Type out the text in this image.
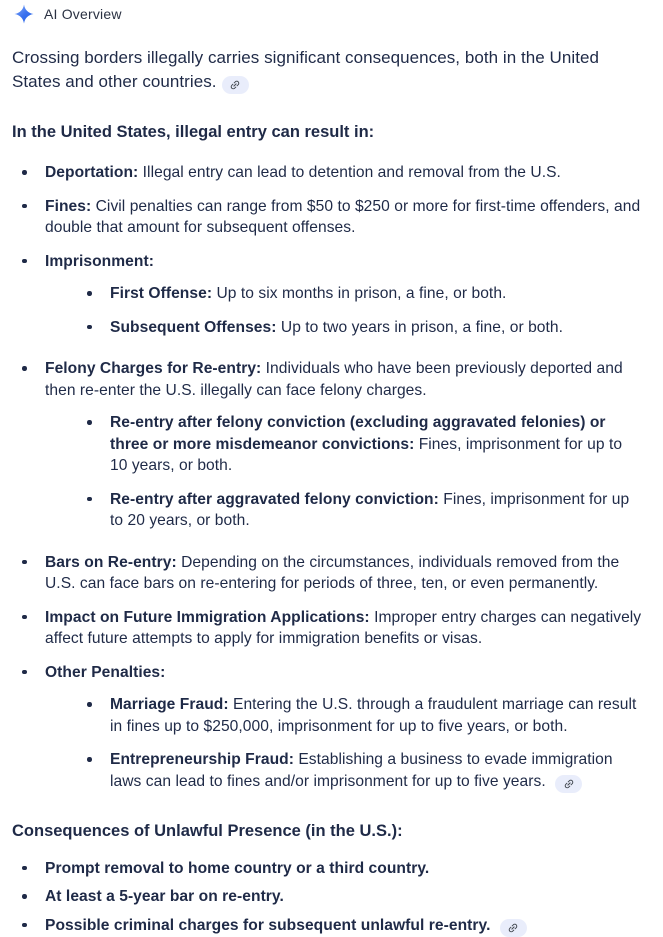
AI Overview

Crossing borders illegally carries significant consequences, both in the United States and other countries.

In the United States, illegal entry can result in:
Deportation: Illegal entry can lead to detention and removal from the U.S.
Fines: Civil penalties can range from $50 to $250 or more for first-time offenders, and double that amount for subsequent offenses.
Imprisonment:
First Offense: Up to six months in prison, a fine, or both.
Subsequent Offenses: Up to two years in prison, a fine, or both.
Felony Charges for Re-entry: Individuals who have been previously deported and then re-enter the U.S. illegally can face felony charges.
Re-entry after felony conviction (excluding aggravated felonies) or three or more misdemeanor convictions: Fines, imprisonment for up to 10 years, or both.
Re-entry after aggravated felony conviction: Fines, imprisonment for up to 20 years, or both.
Bars on Re-entry: Depending on the circumstances, individuals removed from the U.S. can face bars on re-entering for periods of three, ten, or even permanently.
Impact on Future Immigration Applications: Improper entry charges can negatively affect future attempts to apply for immigration benefits or visas.
Other Penalties:
Marriage Fraud: Entering the U.S. through a fraudulent marriage can result in fines up to $250,000, imprisonment for up to five years, or both.
Entrepreneurship Fraud: Establishing a business to evade immigration laws can lead to fines and/or imprisonment for up to five years.
Consequences of Unlawful Presence (in the U.S.):
Prompt removal to home country or a third country.
At least a 5-year bar on re-entry.
Possible criminal charges for subsequent unlawful re-entry.
